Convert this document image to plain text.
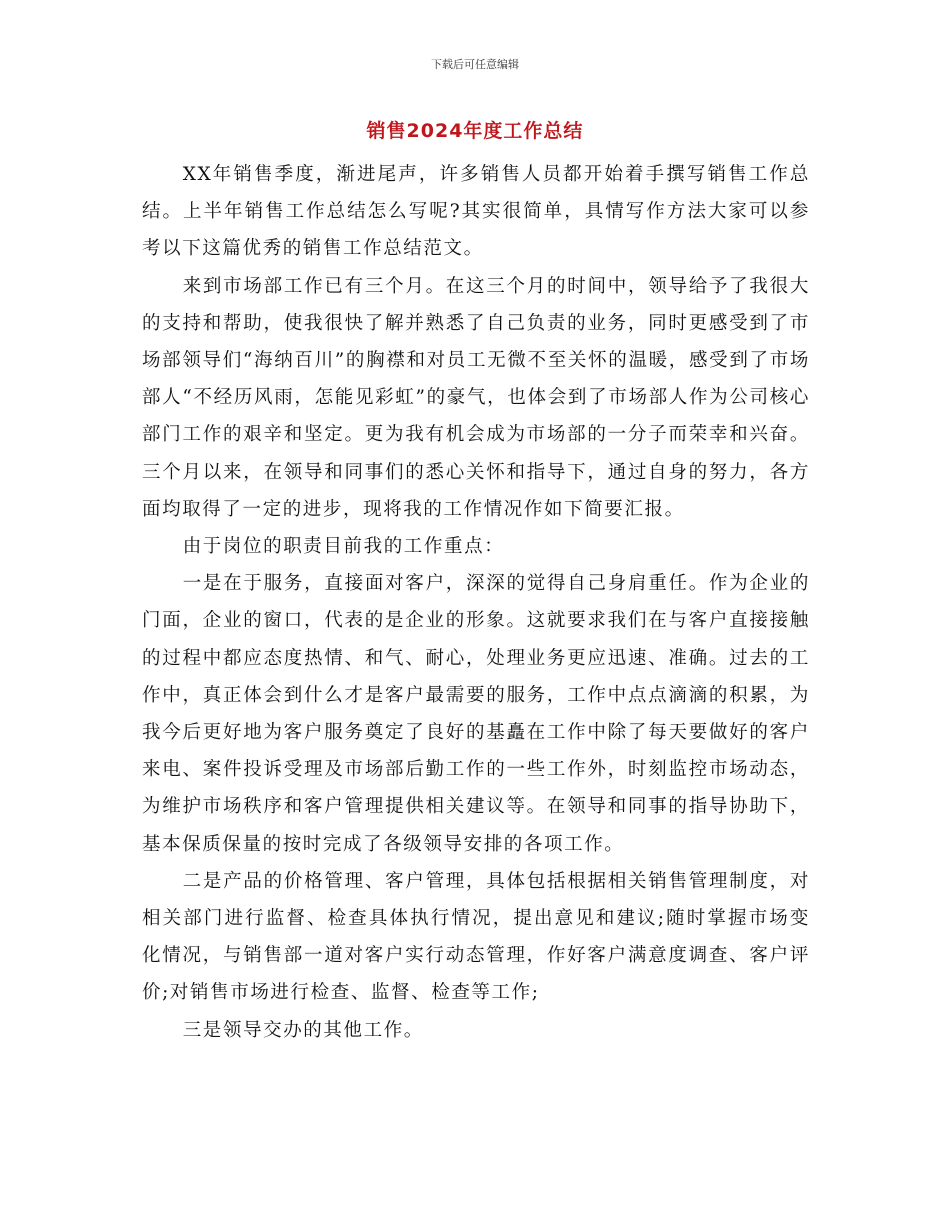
下载后可任意编辑
销售2024年度工作总结

XX年销售季度，渐进尾声，许多销售人员都开始着手撰写销售工作总结。上半年销售工作总结怎么写呢?其实很简单，具情写作方法大家可以参考以下这篇优秀的销售工作总结范文。

来到市场部工作已有三个月。在这三个月的时间中，领导给予了我很大的支持和帮助，使我很快了解并熟悉了自己负责的业务，同时更感受到了市场部领导们“海纳百川”的胸襟和对员工无微不至关怀的温暖，感受到了市场部人“不经历风雨，怎能见彩虹”的豪气，也体会到了市场部人作为公司核心部门工作的艰辛和坚定。更为我有机会成为市场部的一分子而荣幸和兴奋。三个月以来，在领导和同事们的悉心关怀和指导下，通过自身的努力，各方面均取得了一定的进步，现将我的工作情况作如下简要汇报。

由于岗位的职责目前我的工作重点：

一是在于服务，直接面对客户，深深的觉得自己身肩重任。作为企业的门面，企业的窗口，代表的是企业的形象。这就要求我们在与客户直接接触的过程中都应态度热情、和气、耐心，处理业务更应迅速、准确。过去的工作中，真正体会到什么才是客户最需要的服务，工作中点点滴滴的积累，为我今后更好地为客户服务奠定了良好的基矗在工作中除了每天要做好的客户来电、案件投诉受理及市场部后勤工作的一些工作外，时刻监控市场动态，为维护市场秩序和客户管理提供相关建议等。在领导和同事的指导协助下，基本保质保量的按时完成了各级领导安排的各项工作。

二是产品的价格管理、客户管理，具体包括根据相关销售管理制度，对相关部门进行监督、检查具体执行情况，提出意见和建议;随时掌握市场变化情况，与销售部一道对客户实行动态管理，作好客户满意度调查、客户评价;对销售市场进行检查、监督、检查等工作;

三是领导交办的其他工作。
